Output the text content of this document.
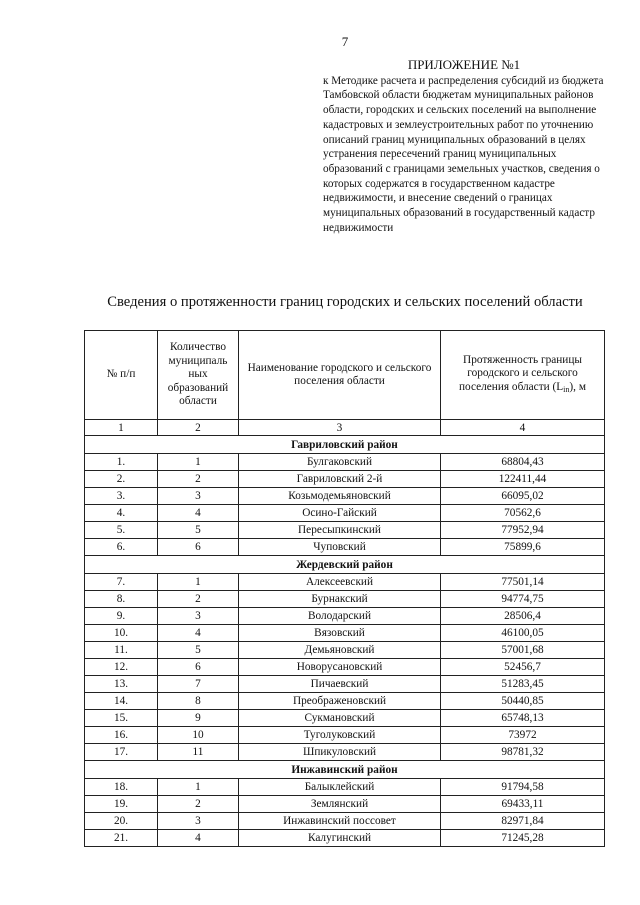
7
ПРИЛОЖЕНИЕ №1
к Методике расчета и распределения субсидий из бюджета Тамбовской области бюджетам муниципальных районов области, городских и сельских поселений на выполнение кадастровых и землеустроительных работ по уточнению описаний границ муниципальных образований в целях устранения пересечений границ муниципальных образований с границами земельных участков, сведения о которых содержатся в государственном кадастре недвижимости, и внесение сведений о границах муниципальных образований в государственный кадастр недвижимости
Сведения о протяженности границ городских и сельских поселений области
№ п/п	Количество муниципаль ных образований области	Наименование городского и сельского поселения области	Протяженность границы городского и сельского поселения области $(L_{in})$, м
1	2	3	4
Гавриловский район			
1.	1	Булгаковский	68804,43
2.	2	Гавриловский 2-й	122411,44
3.	3	Козьмодемьяновский	66095,02
4.	4	Осино-Гайский	70562,6
5.	5	Пересыпкинский	77952,94
6.	6	Чуповский	75899,6
Жердевский район			
7.	1	Алексеевский	77501,14
8.	2	Бурнакский	94774,75
9.	3	Володарский	28506,4
10.	4	Вязовский	46100,05
11.	5	Демьяновский	57001,68
12.	6	Новорусановский	52456,7
13.	7	Пичаевский	51283,45
14.	8	Преображеновский	50440,85
15.	9	Сукмановский	65748,13
16.	10	Туголуковский	73972
17.	11	Шпикуловский	98781,32
Инжавинский район			
18.	1	Балыклейский	91794,58
19.	2	Землянский	69433,11
20.	3	Инжавинский поссовет	82971,84
21.	4	Калугинский	71245,28
